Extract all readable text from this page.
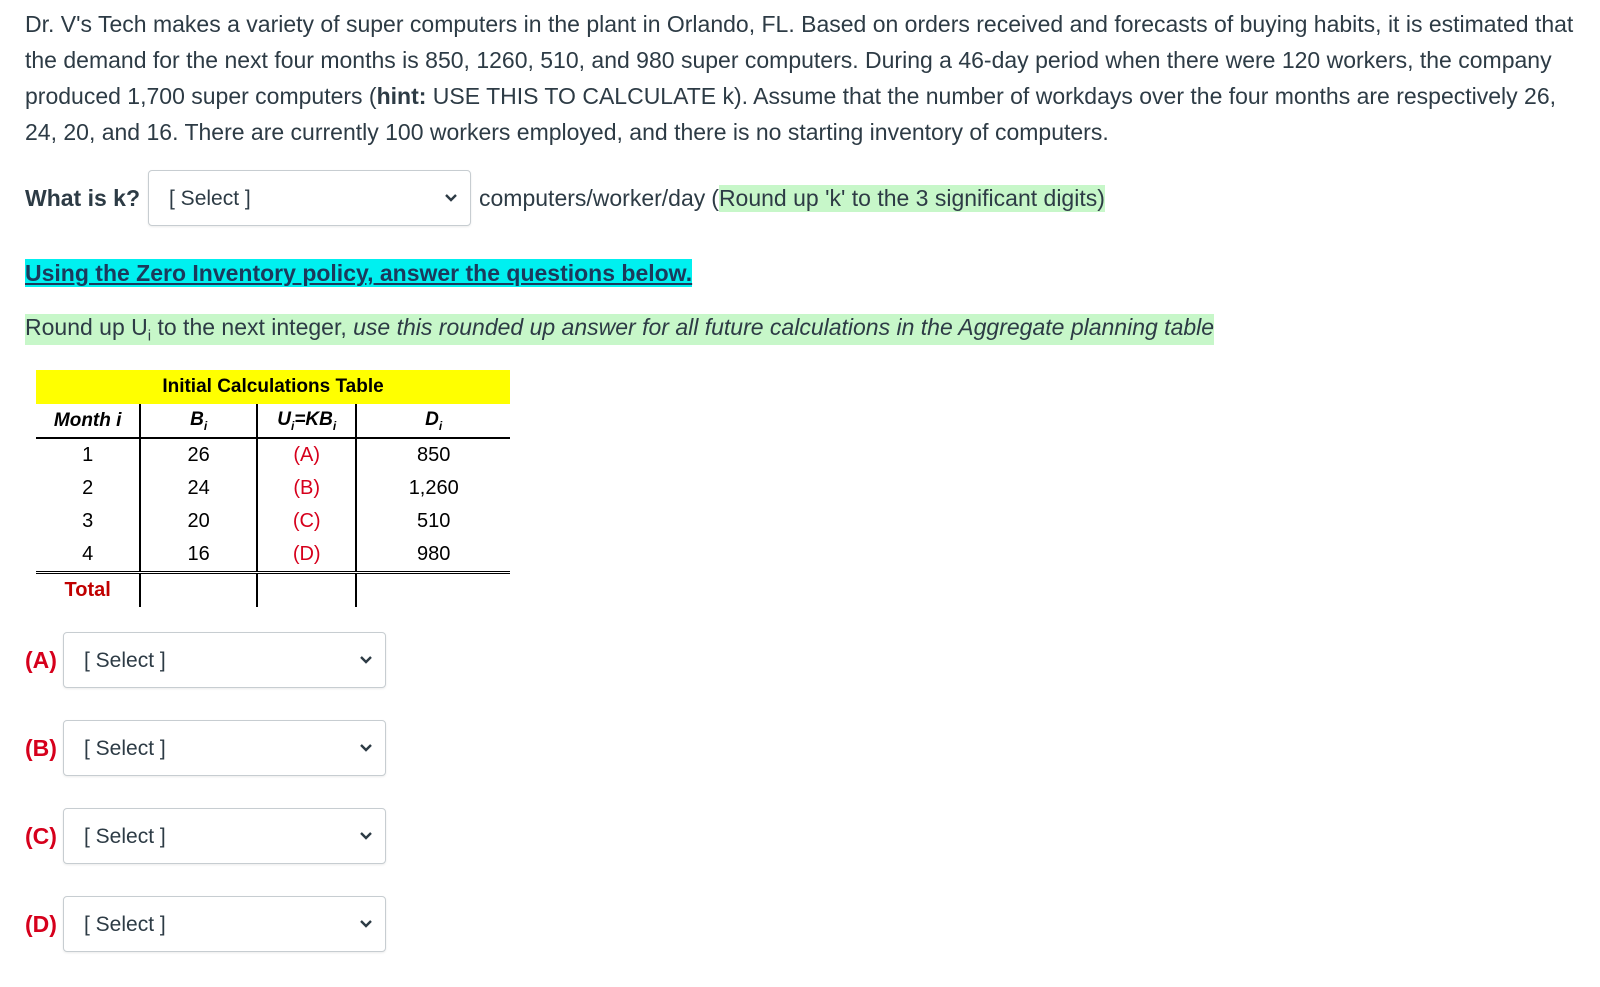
Dr. V's Tech makes a variety of super computers in the plant in Orlando, FL. Based on orders received and forecasts of buying habits, it is estimated that the demand for the next four months is 850, 1260, 510, and 980 super computers. During a 46-day period when there were 120 workers, the company produced 1,700 super computers (hint: USE THIS TO CALCULATE k). Assume that the number of workdays over the four months are respectively 26, 24, 20, and 16. There are currently 100 workers employed, and there is no starting inventory of computers.
What is k?	[ Select ]	computers/worker/day ( Round up 'k' to the 3 significant digits)
Using the Zero Inventory policy, answer the questions below.
Round up $U_i$ to the next integer, use this rounded up answer for all future calculations in the Aggregate planning table
Initial Calculations Table
Month i	$B_i$	$U_i=KB_i$	$D_i$
1	26	(A)	850
2	24	(B)	1,260
3	20	(C)	510
4	16	(D)	980
Total			
(A)	[ Select ]
(B)	[ Select ]
(C)	[ Select ]
(D)	[ Select ]
